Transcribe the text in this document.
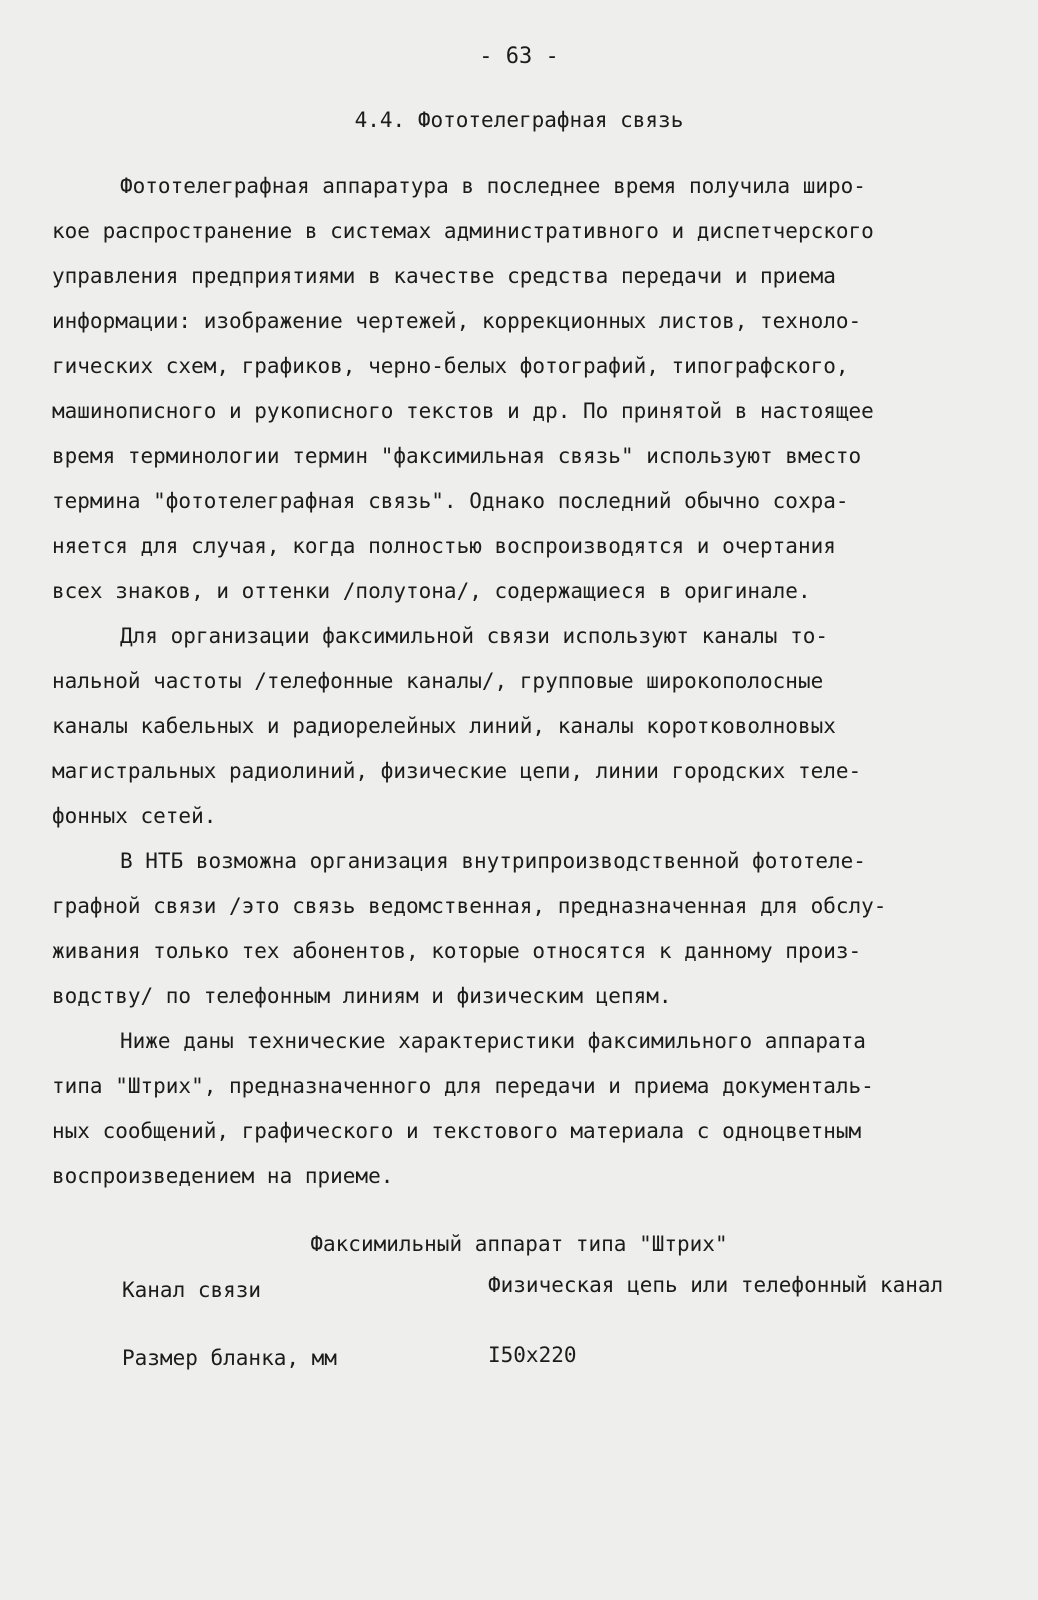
- 63 -
4.4. Фототелеграфная связь
Фототелеграфная аппаратура в последнее время получила широ-
кое распространение в системах административного и диспетчерского
управления предприятиями в качестве средства передачи и приема
информации: изображение чертежей, коррекционных листов, техноло-
гических схем, графиков, черно-белых фотографий, типографского,
машинописного и рукописного текстов и др. По принятой в настоящее
время терминологии термин "факсимильная связь" используют вместо
термина "фототелеграфная связь". Однако последний обычно сохра-
няется для случая, когда полностью воспроизводятся и очертания
всех знаков, и оттенки /полутона/, содержащиеся в оригинале.
Для организации факсимильной связи используют каналы то-
нальной частоты /телефонные каналы/, групповые широкополосные
каналы кабельных и радиорелейных линий, каналы коротковолновых
магистральных радиолиний, физические цепи, линии городских теле-
фонных сетей.
В НТБ возможна организация внутрипроизводственной фототеле-
графной связи /это связь ведомственная, предназначенная для обслу-
живания только тех абонентов, которые относятся к данному произ-
водству/ по телефонным линиям и физическим цепям.
Ниже даны технические характеристики факсимильного аппарата
типа "Штрих", предназначенного для передачи и приема документаль-
ных сообщений, графического и текстового материала с одноцветным
воспроизведением на приеме.
Факсимильный аппарат типа "Штрих"
Канал связи	Физическая цепь или телефонный канал
Размер бланка, мм	I50x220
